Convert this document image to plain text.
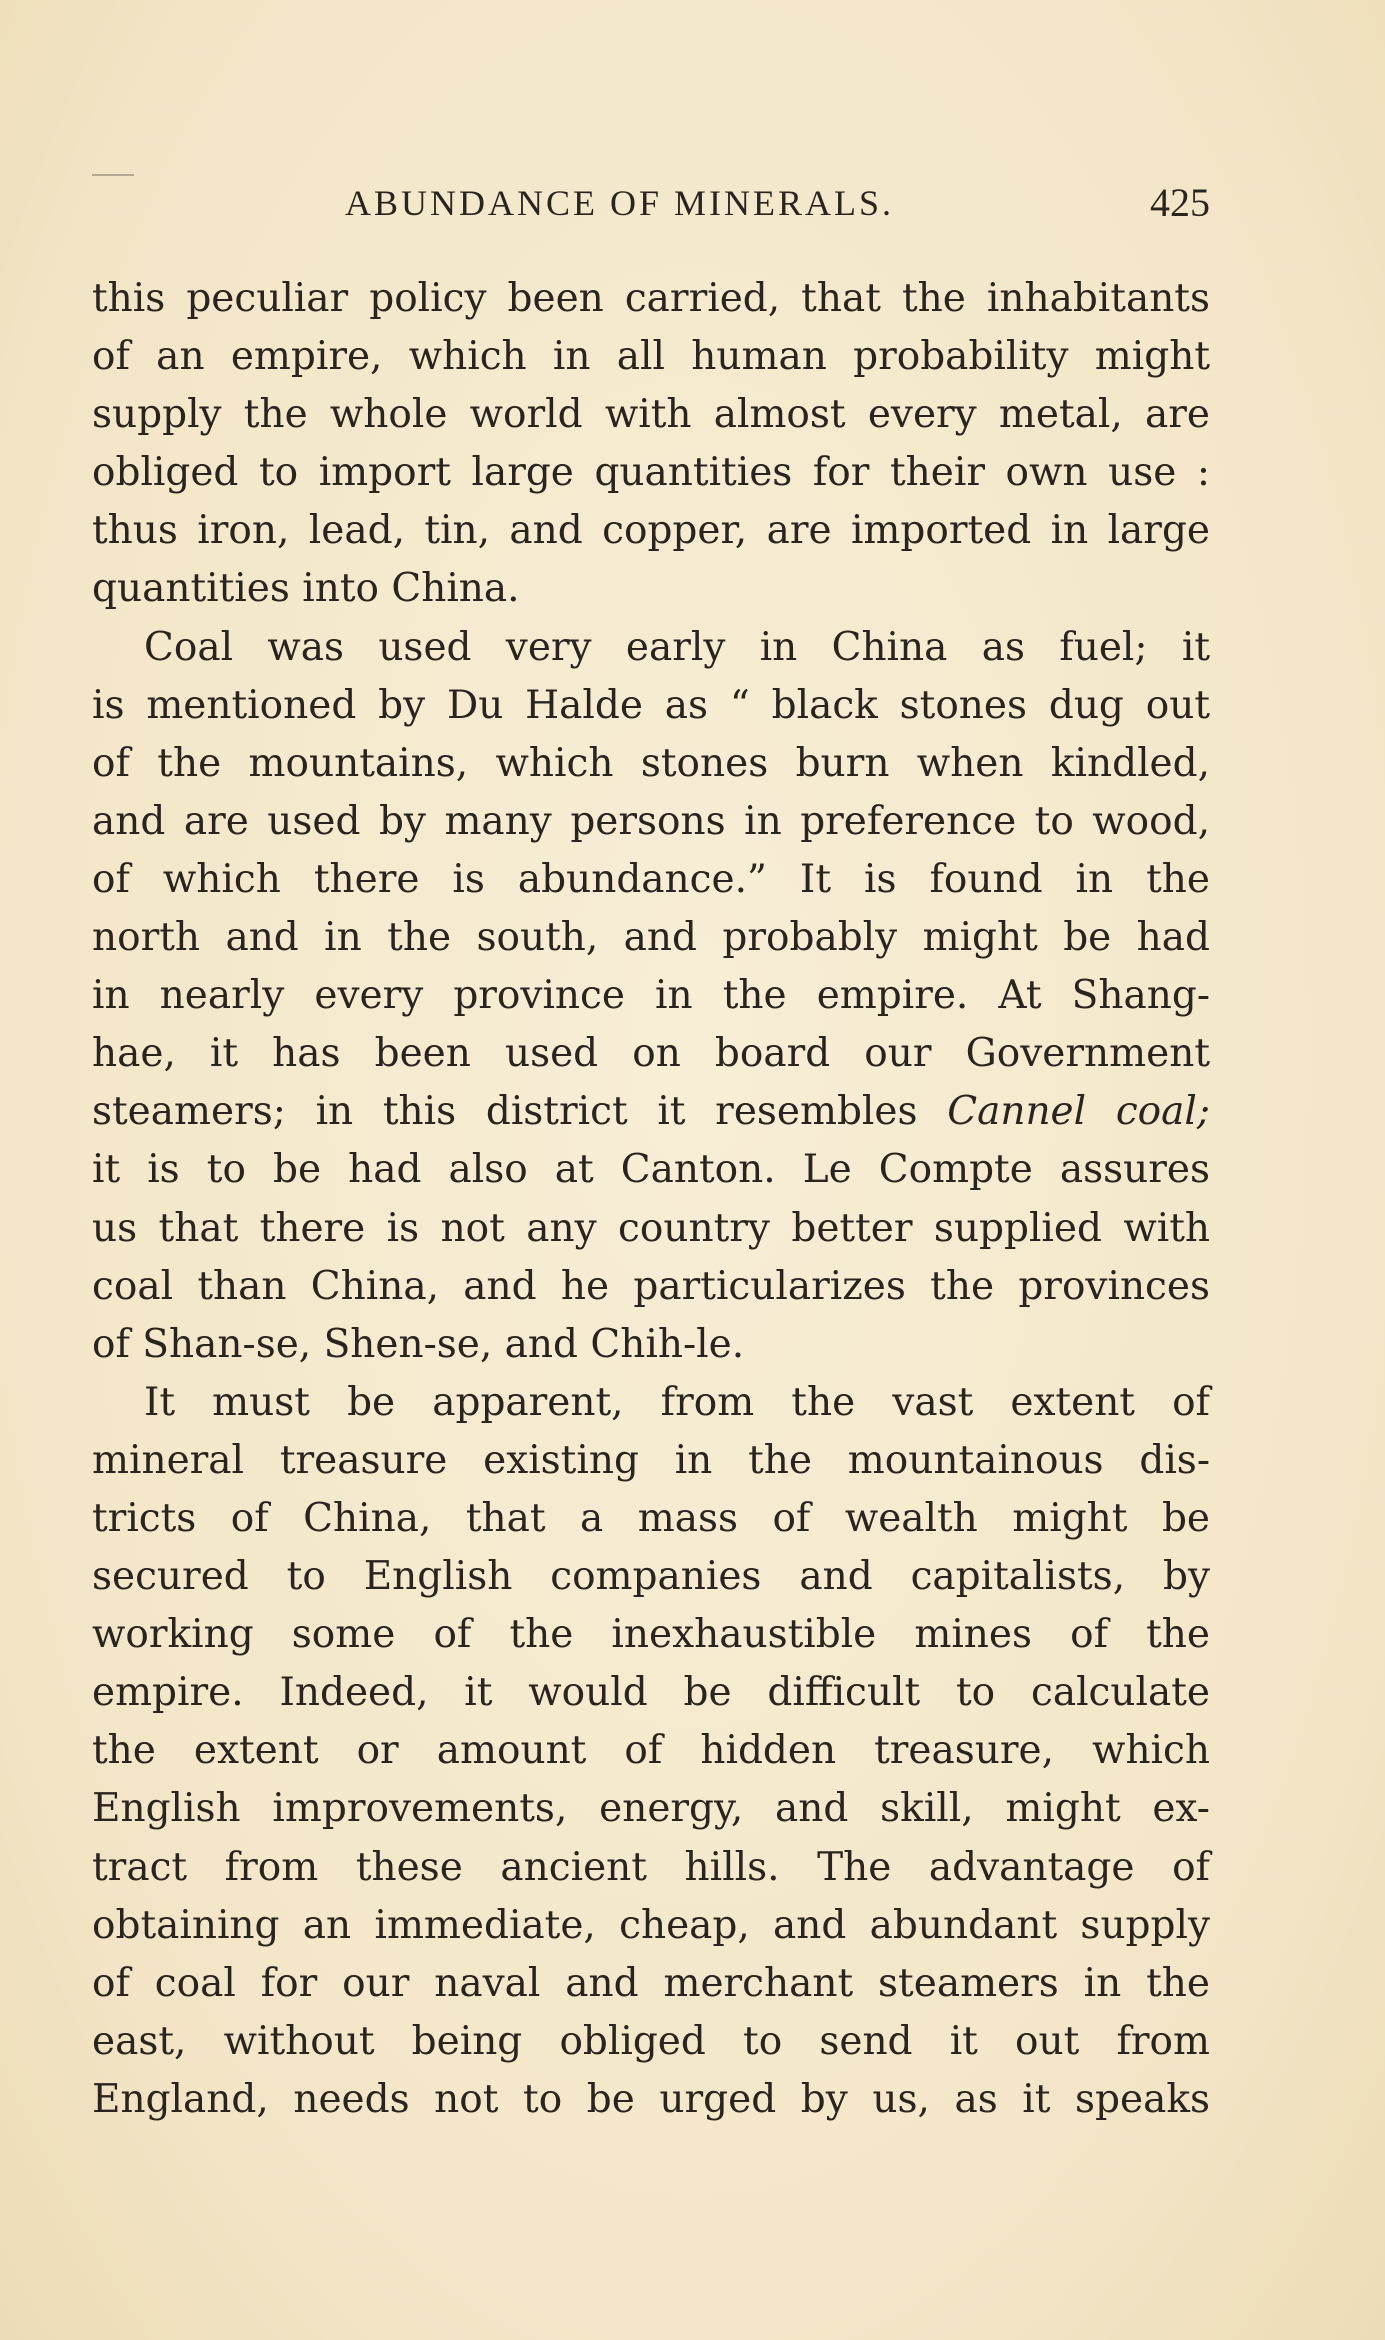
ABUNDANCE OF MINERALS.	425
this peculiar policy been carried, that the inhabitants
of an empire, which in all human probability might
supply the whole world with almost every metal, are
obliged to import large quantities for their own use :
thus iron, lead, tin, and copper, are imported in large
quantities into China.
Coal was used very early in China as fuel; it
is mentioned by Du Halde as “ black stones dug out
of the mountains, which stones burn when kindled,
and are used by many persons in preference to wood,
of which there is abundance.” It is found in the
north and in the south, and probably might be had
in nearly every province in the empire. At Shang-
hae, it has been used on board our Government
steamers; in this district it resembles Cannel coal;
it is to be had also at Canton. Le Compte assures
us that there is not any country better supplied with
coal than China, and he particularizes the provinces
of Shan-se, Shen-se, and Chih-le.
It must be apparent, from the vast extent of
mineral treasure existing in the mountainous dis-
tricts of China, that a mass of wealth might be
secured to English companies and capitalists, by
working some of the inexhaustible mines of the
empire. Indeed, it would be difficult to calculate
the extent or amount of hidden treasure, which
English improvements, energy, and skill, might ex-
tract from these ancient hills. The advantage of
obtaining an immediate, cheap, and abundant supply
of coal for our naval and merchant steamers in the
east, without being obliged to send it out from
England, needs not to be urged by us, as it speaks
